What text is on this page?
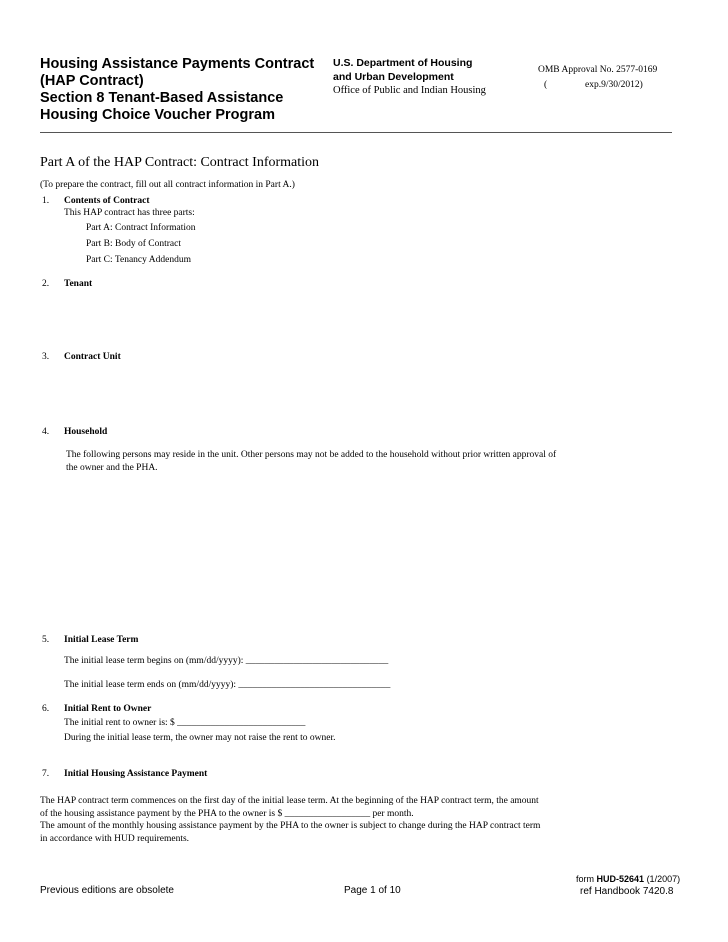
Housing Assistance Payments Contract
(HAP Contract)
Section 8 Tenant-Based Assistance
Housing Choice Voucher Program
U.S. Department of Housing
and Urban Development
Office of Public and Indian Housing
OMB Approval No. 2577-0169
(	exp.9/30/2012)
Part A of the HAP Contract: Contract Information
(To prepare the contract, fill out all contract information in Part A.)
1. Contents of Contract
This HAP contract has three parts:
Part A: Contract Information
Part B: Body of Contract
Part C: Tenancy Addendum
2. Tenant
3. Contract Unit
4. Household
The following persons may reside in the unit. Other persons may not be added to the household without prior written approval of
the owner and the PHA.
5. Initial Lease Term
The initial lease term begins on (mm/dd/yyyy): ______________________________
The initial lease term ends on (mm/dd/yyyy): ________________________________
6. Initial Rent to Owner
The initial rent to owner is: $ ___________________________
During the initial lease term, the owner may not raise the rent to owner.
7. Initial Housing Assistance Payment
The HAP contract term commences on the first day of the initial lease term. At the beginning of the HAP contract term, the amount
of the housing assistance payment by the PHA to the owner is $ __________________ per month.
The amount of the monthly housing assistance payment by the PHA to the owner is subject to change during the HAP contract term
in accordance with HUD requirements.
Previous editions are obsolete	Page 1 of 10
form HUD-52641 (1/2007)
ref Handbook 7420.8
